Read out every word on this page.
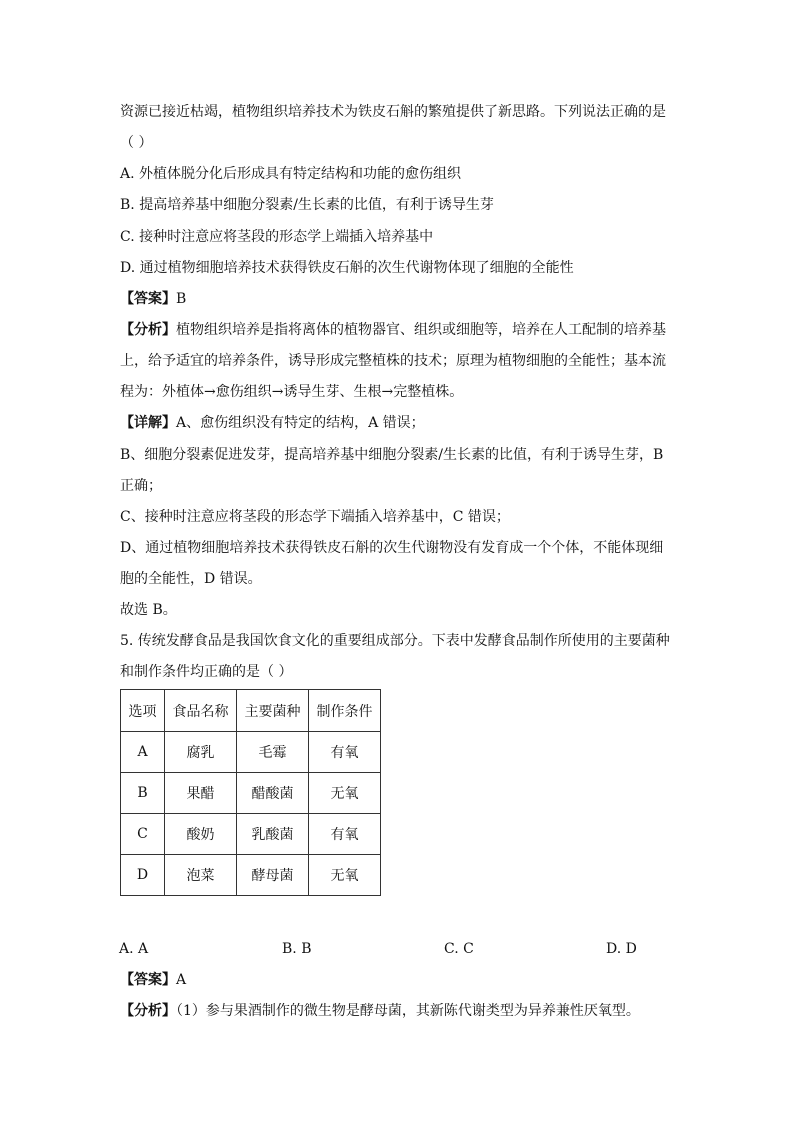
资源已接近枯竭，植物组织培养技术为铁皮石斛的繁殖提供了新思路。下列说法正确的是
（ ）
A. 外植体脱分化后形成具有特定结构和功能的愈伤组织
B. 提高培养基中细胞分裂素/生长素的比值，有利于诱导生芽
C. 接种时注意应将茎段的形态学上端插入培养基中
D. 通过植物细胞培养技术获得铁皮石斛的次生代谢物体现了细胞的全能性
【答案】B
【分析】植物组织培养是指将离体的植物器官、组织或细胞等，培养在人工配制的培养基
上，给予适宜的培养条件，诱导形成完整植株的技术；原理为植物细胞的全能性；基本流
程为：外植体→愈伤组织→诱导生芽、生根→完整植株。
【详解】A、愈伤组织没有特定的结构，A 错误；
B、细胞分裂素促进发芽，提高培养基中细胞分裂素/生长素的比值，有利于诱导生芽，B
正确；
C、接种时注意应将茎段的形态学下端插入培养基中，C 错误；
D、通过植物细胞培养技术获得铁皮石斛的次生代谢物没有发育成一个个体，不能体现细
胞的全能性，D 错误。
故选 B。
5. 传统发酵食品是我国饮食文化的重要组成部分。下表中发酵食品制作所使用的主要菌种
和制作条件均正确的是（ ）
选项	食品名称	主要菌种	制作条件
A	腐乳	毛霉	有氧
B	果醋	醋酸菌	无氧
C	酸奶	乳酸菌	有氧
D	泡菜	酵母菌	无氧
A. A	B. B	C. C	D. D
【答案】A
【分析】（1）参与果酒制作的微生物是酵母菌，其新陈代谢类型为异养兼性厌氧型。
